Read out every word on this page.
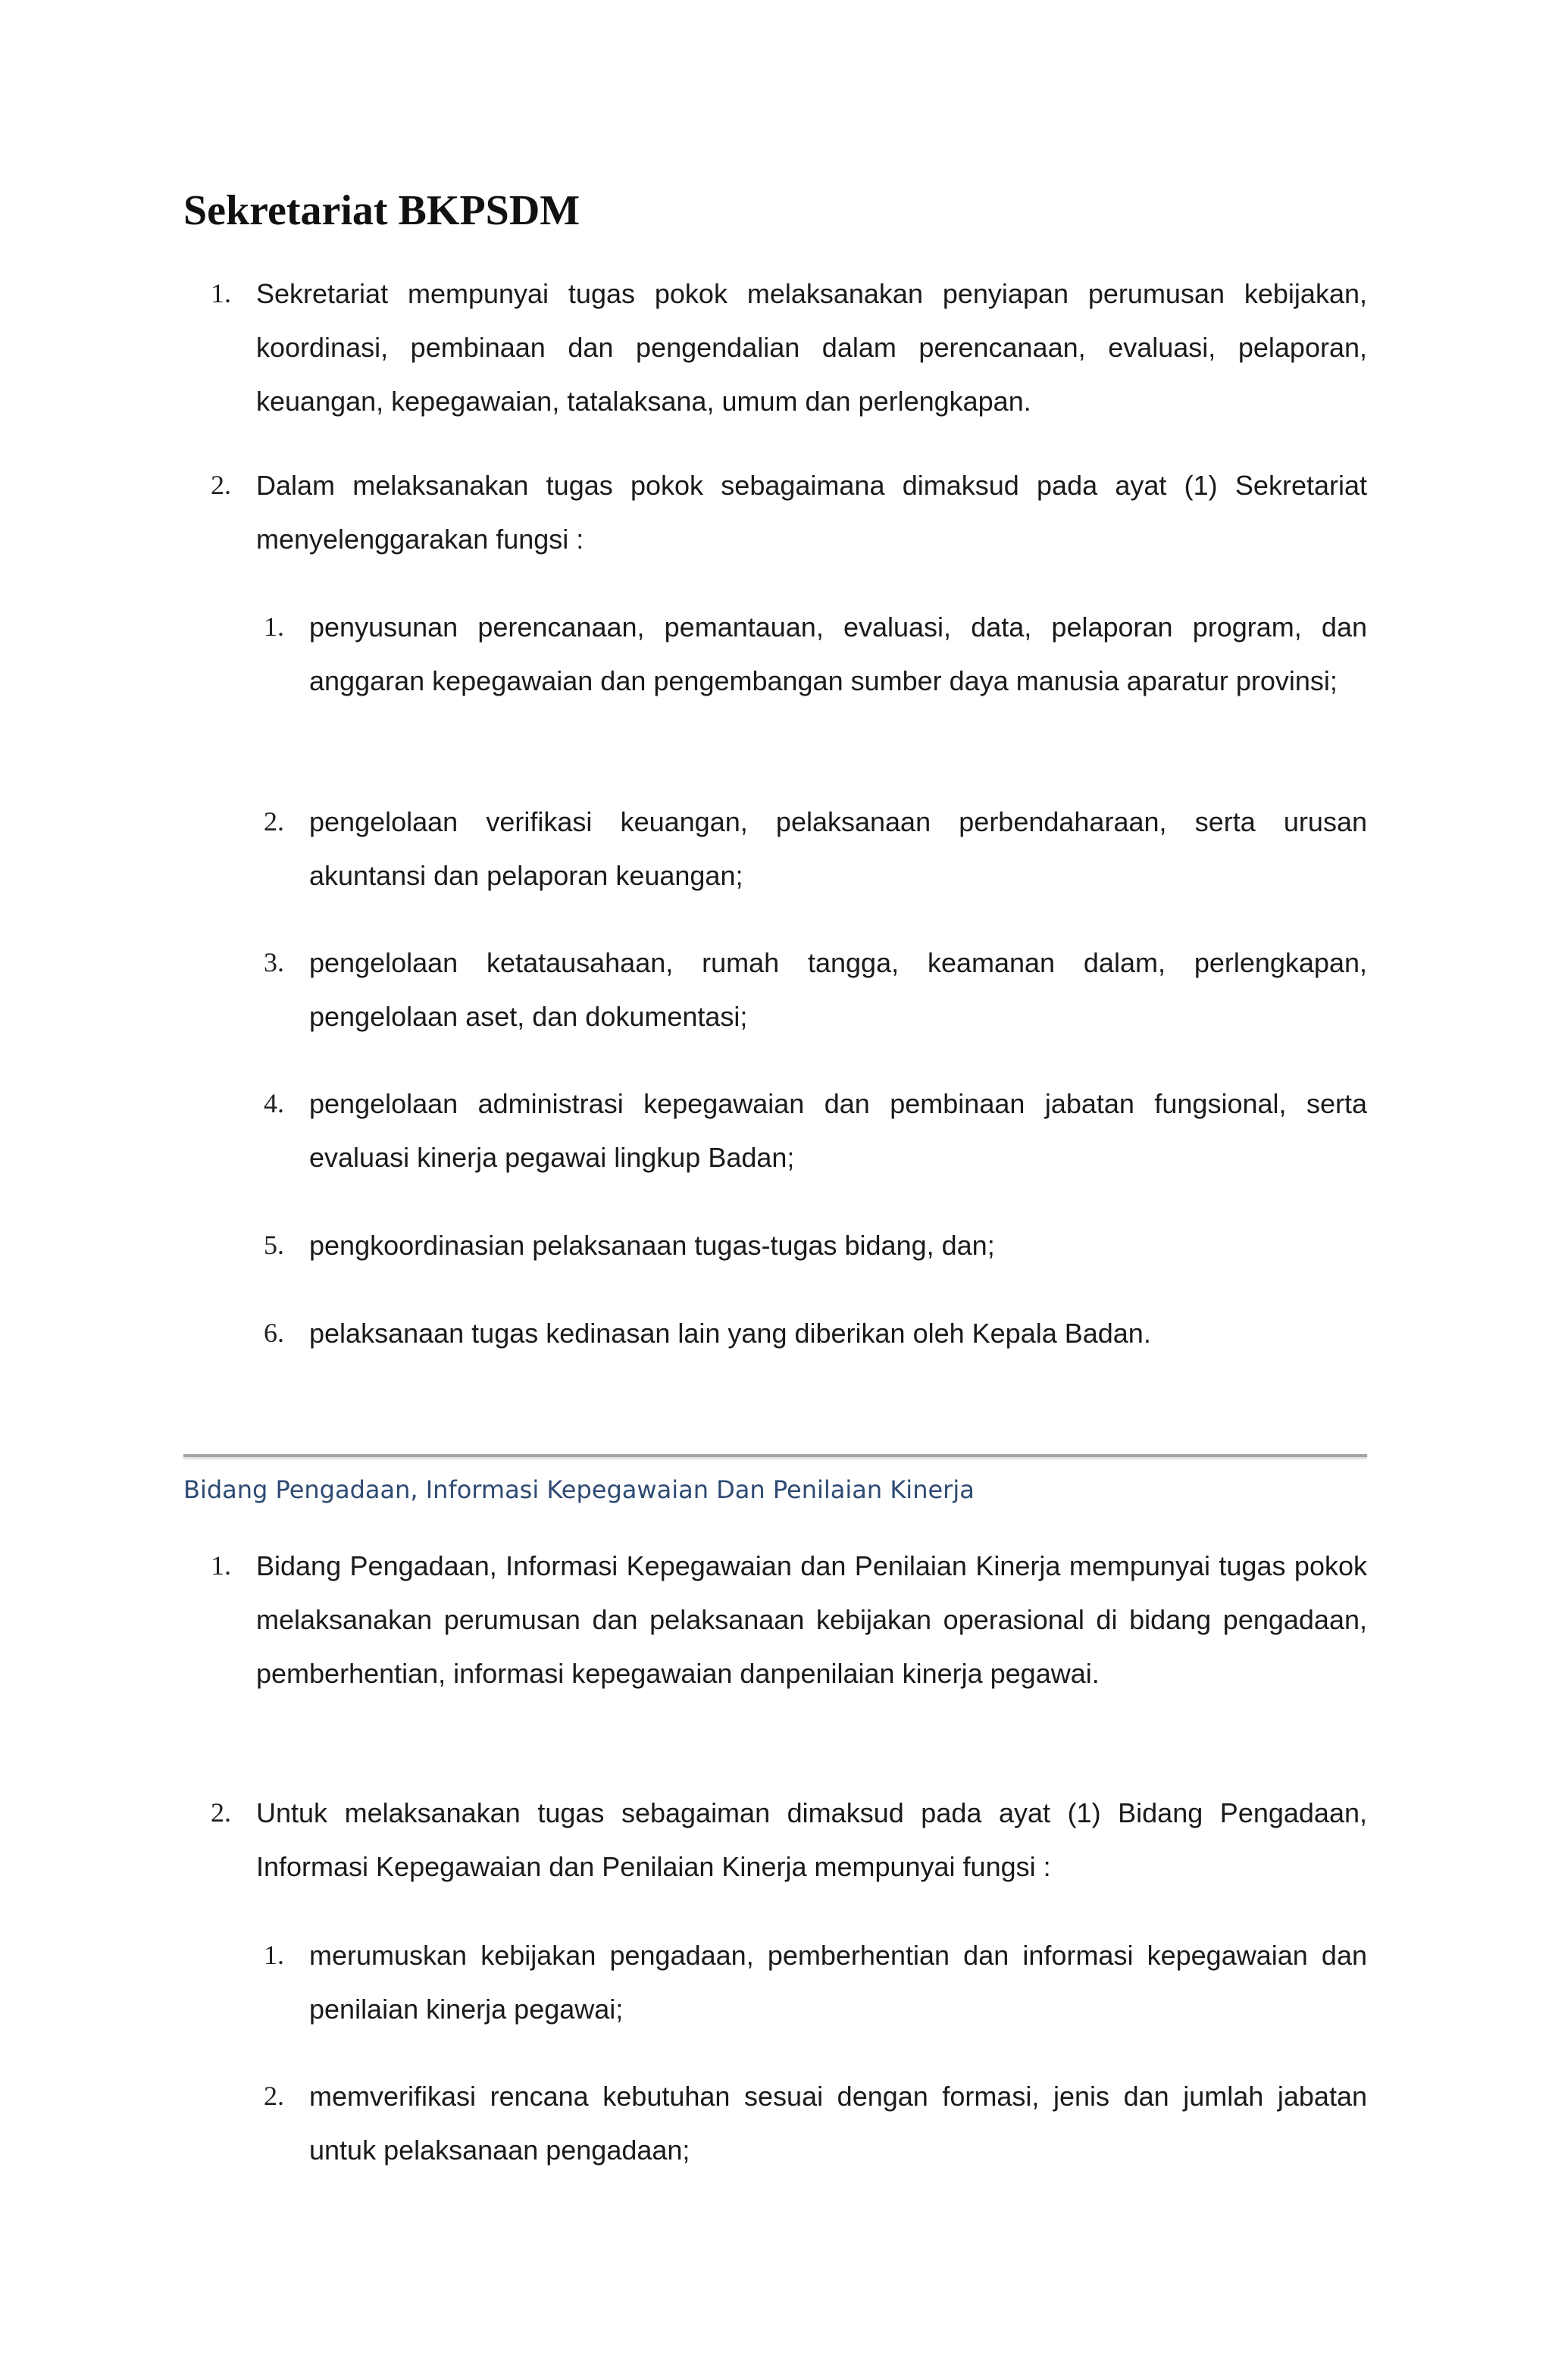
Sekretariat BKPSDM
1. Sekretariat mempunyai tugas pokok melaksanakan penyiapan perumusan kebijakan, koordinasi, pembinaan dan pengendalian dalam perencanaan, evaluasi, pelaporan, keuangan, kepegawaian, tatalaksana, umum dan perlengkapan.
2. Dalam melaksanakan tugas pokok sebagaimana dimaksud pada ayat (1) Sekretariat menyelenggarakan fungsi :
1. penyusunan perencanaan, pemantauan, evaluasi, data, pelaporan program, dan anggaran kepegawaian dan pengembangan sumber daya manusia aparatur provinsi;
2. pengelolaan verifikasi keuangan, pelaksanaan perbendaharaan, serta urusan akuntansi dan pelaporan keuangan;
3. pengelolaan ketatausahaan, rumah tangga, keamanan dalam, perlengkapan, pengelolaan aset, dan dokumentasi;
4. pengelolaan administrasi kepegawaian dan pembinaan jabatan fungsional, serta evaluasi kinerja pegawai lingkup Badan;
5. pengkoordinasian pelaksanaan tugas-tugas bidang, dan;
6. pelaksanaan tugas kedinasan lain yang diberikan oleh Kepala Badan.
Bidang Pengadaan, Informasi Kepegawaian Dan Penilaian Kinerja
1. Bidang Pengadaan, Informasi Kepegawaian dan Penilaian Kinerja mempunyai tugas pokok melaksanakan perumusan dan pelaksanaan kebijakan operasional di bidang pengadaan, pemberhentian, informasi kepegawaian danpenilaian kinerja pegawai.
2. Untuk melaksanakan tugas sebagaiman dimaksud pada ayat (1) Bidang Pengadaan, Informasi Kepegawaian dan Penilaian Kinerja mempunyai fungsi :
1. merumuskan kebijakan pengadaan, pemberhentian dan informasi kepegawaian dan penilaian kinerja pegawai;
2. memverifikasi rencana kebutuhan sesuai dengan formasi, jenis dan jumlah jabatan untuk pelaksanaan pengadaan;
